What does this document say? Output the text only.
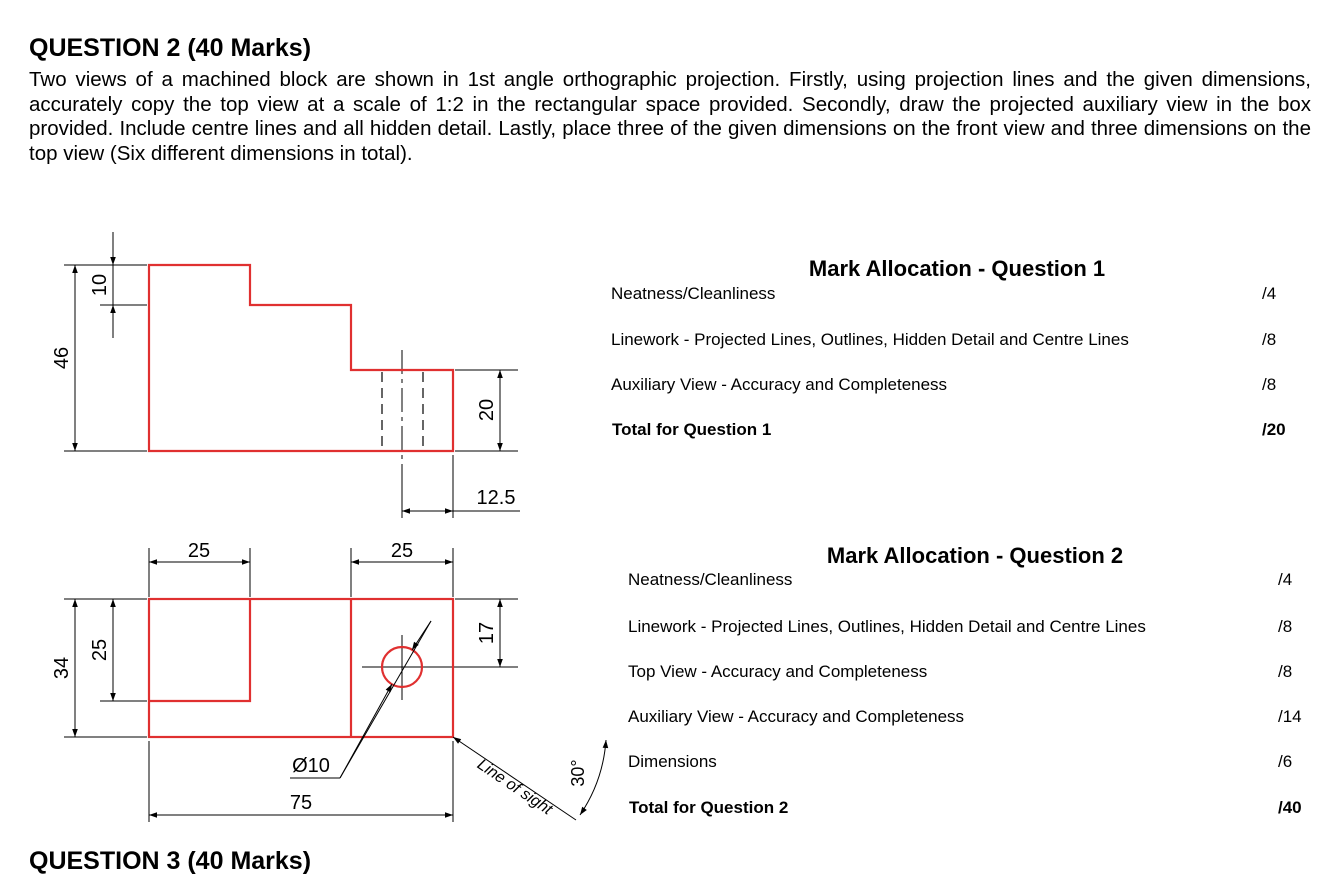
QUESTION 2 (40 Marks)

Two views of a machined block are shown in 1st angle orthographic projection. Firstly, using projection lines and the given dimensions, accurately copy the top view at a scale of 1:2 in the rectangular space provided. Secondly, draw the projected auxiliary view in the box provided. Include centre lines and all hidden detail. Lastly, place three of the given dimensions on the front view and three dimensions on the top view (Six different dimensions in total).

10
46
20
12.5
25	25
34
25
17
Ø10
75	Line of sight 30°
Mark Allocation - Question 1
Neatness/Cleanliness	/4
Linework - Projected Lines, Outlines, Hidden Detail and Centre Lines	/8
Auxiliary View - Accuracy and Completeness	/8
Total for Question 1	/20
Mark Allocation - Question 2
Neatness/Cleanliness	/4
Linework - Projected Lines, Outlines, Hidden Detail and Centre Lines	/8
Top View - Accuracy and Completeness	/8
Auxiliary View - Accuracy and Completeness	/14
Dimensions	/6
Total for Question 2	/40
QUESTION 3 (40 Marks)
